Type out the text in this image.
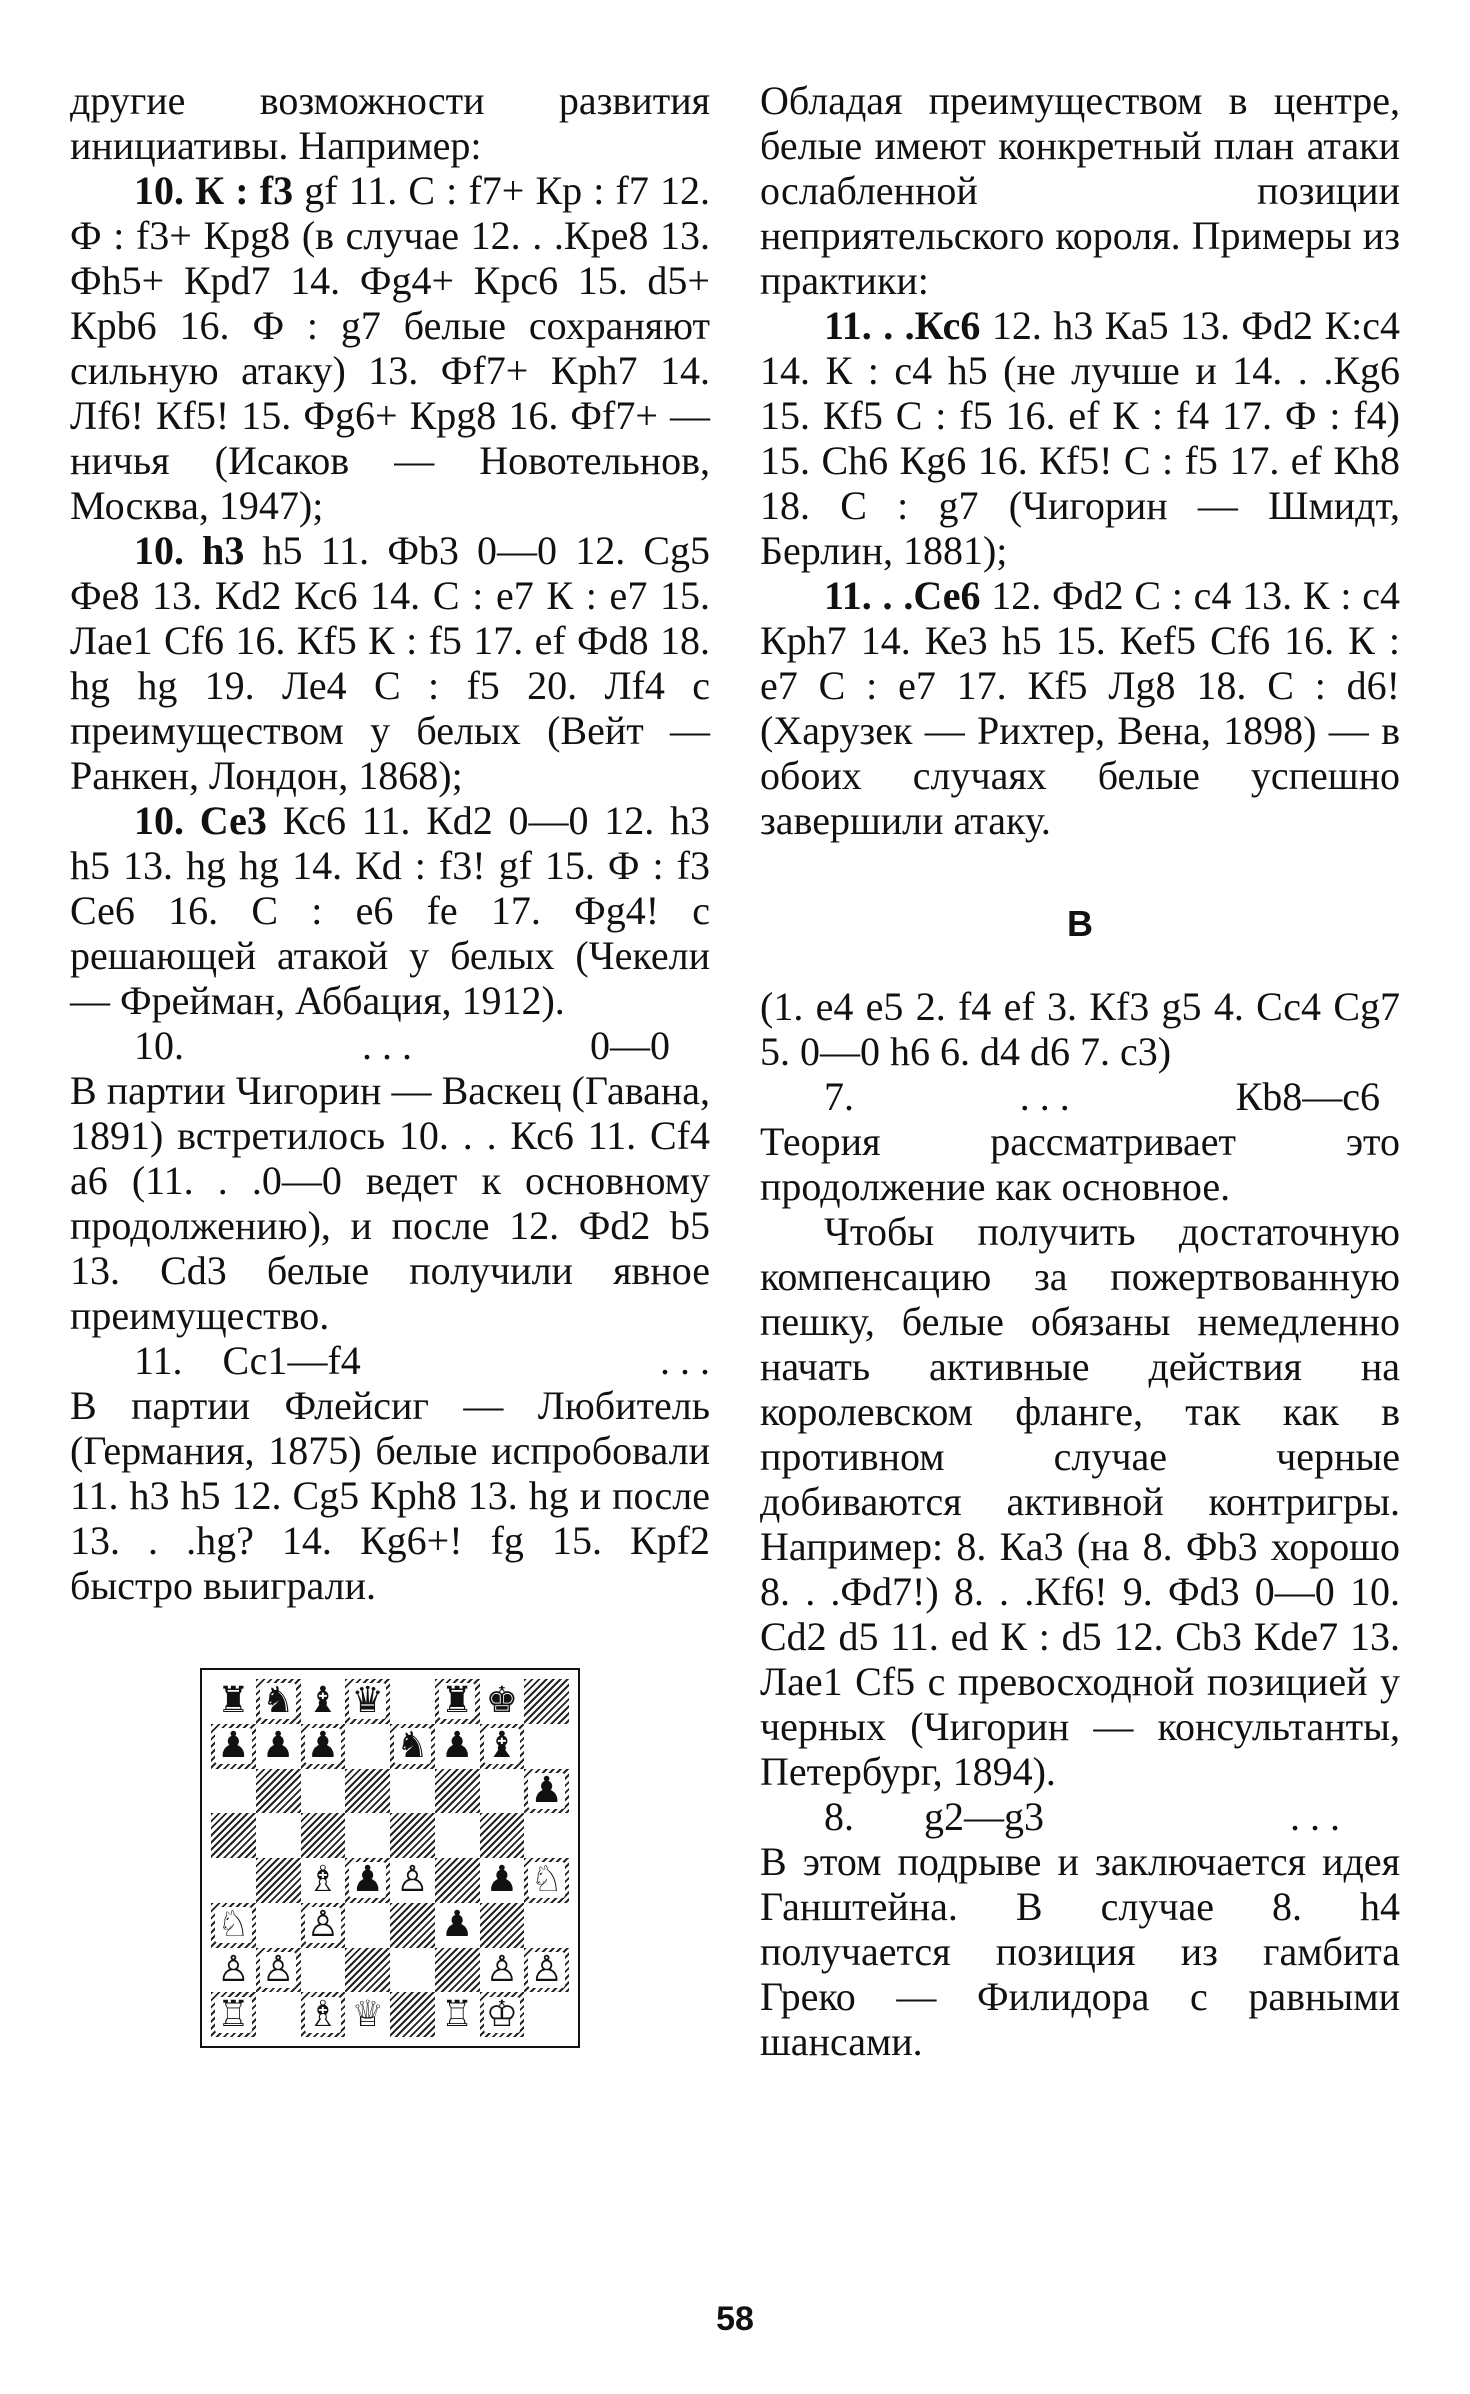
другие возможности развития инициативы. Например:

10. К : f3 gf 11. С : f7+ Кр : f7 12. Ф : f3+ Крg8 (в случае 12. . .Кре8 13. Фh5+ Крd7 14. Фg4+ Крc6 15. d5+ Крb6 16. Ф : g7 белые сохраняют сильную атаку) 13. Фf7+ Крh7 14. Лf6! Кf5! 15. Фg6+ Крg8 16. Фf7+ — ничья (Исаков — Новотельнов, Москва, 1947);

10. h3 h5 11. Фb3 0—0 12. Сg5 Фе8 13. Кd2 Кс6 14. С : е7 К : е7 15. Лае1 Сf6 16. Кf5 К : f5 17. ef Фd8 18. hg hg 19. Ле4 С : f5 20. Лf4 с преимуществом у белых (Вейт — Ранкен, Лондон, 1868);

10. Се3 Кс6 11. Кd2 0—0 12. h3 h5 13. hg hg 14. Кd : f3! gf 15. Ф : f3 Се6 16. С : е6 fe 17. Фg4! с решающей атакой у белых (Чекели — Фрейман, Аббация, 1912).

10.	. . .	0—0

В партии Чигорин — Васкец (Гавана, 1891) встретилось 10. . . Кс6 11. Сf4 а6 (11. . .0—0 ведет к основному продолжению), и после 12. Фd2 b5 13. Сd3 белые получили явное преимущество.

11. Сс1—f4	. . .

В партии Флейсиг — Любитель (Германия, 1875) белые испробовали 11. h3 h5 12. Сg5 Крh8 13. hg и после 13. . .hg? 14. Кg6+! fg 15. Крf2 быстро выиграли.

♜ ♞ ♝ ♛ ♜ ♚
♟ ♟ ♟ ♞ ♟ ♝
♟
♗ ♟ ♙ ♟ ♘
♘ ♙	♟
♙ ♙	♙ ♙
♖ ♗ ♕ ♖ ♔

Обладая преимуществом в центре, белые имеют конкретный план атаки ослабленной позиции неприятельского короля. Примеры из практики:

11. . .Кс6 12. h3 Ка5 13. Фd2 К:с4 14. К : с4 h5 (не лучше и 14. . .Кg6 15. Кf5 С : f5 16. ef К : f4 17. Ф : f4) 15. Сh6 Кg6 16. Кf5! С : f5 17. ef Кh8 18. С : g7 (Чигорин — Шмидт, Берлин, 1881);

11. . .Се6 12. Фd2 С : с4 13. К : с4 Крh7 14. Ке3 h5 15. Кеf5 Сf6 16. К : е7 С : е7 17. Кf5 Лg8 18. С : d6! (Харузек — Рихтер, Вена, 1898) — в обоих случаях белые успешно завершили атаку.

В

(1. е4 е5 2. f4 ef 3. Кf3 g5 4. Сс4 Сg7 5. 0—0 h6 6. d4 d6 7. с3)

7.	. . .	Кb8—с6

Теория рассматривает это продолжение как основное.

Чтобы получить достаточную компенсацию за пожертвованную пешку, белые обязаны немедленно начать активные действия на королевском фланге, так как в противном случае черные добиваются активной контригры. Например: 8. Ка3 (на 8. Фb3 хорошо 8. . .Фd7!) 8. . .Кf6! 9. Фd3 0—0 10. Сd2 d5 11. еd К : d5 12. Сb3 Кdе7 13. Лае1 Сf5 с превосходной позицией у черных (Чигорин — консультанты, Петербург, 1894).

8. g2—g3	. . .

В этом подрыве и заключается идея Ганштейна. В случае 8. h4 получается позиция из гамбита Греко — Филидора с равными шансами.

58
